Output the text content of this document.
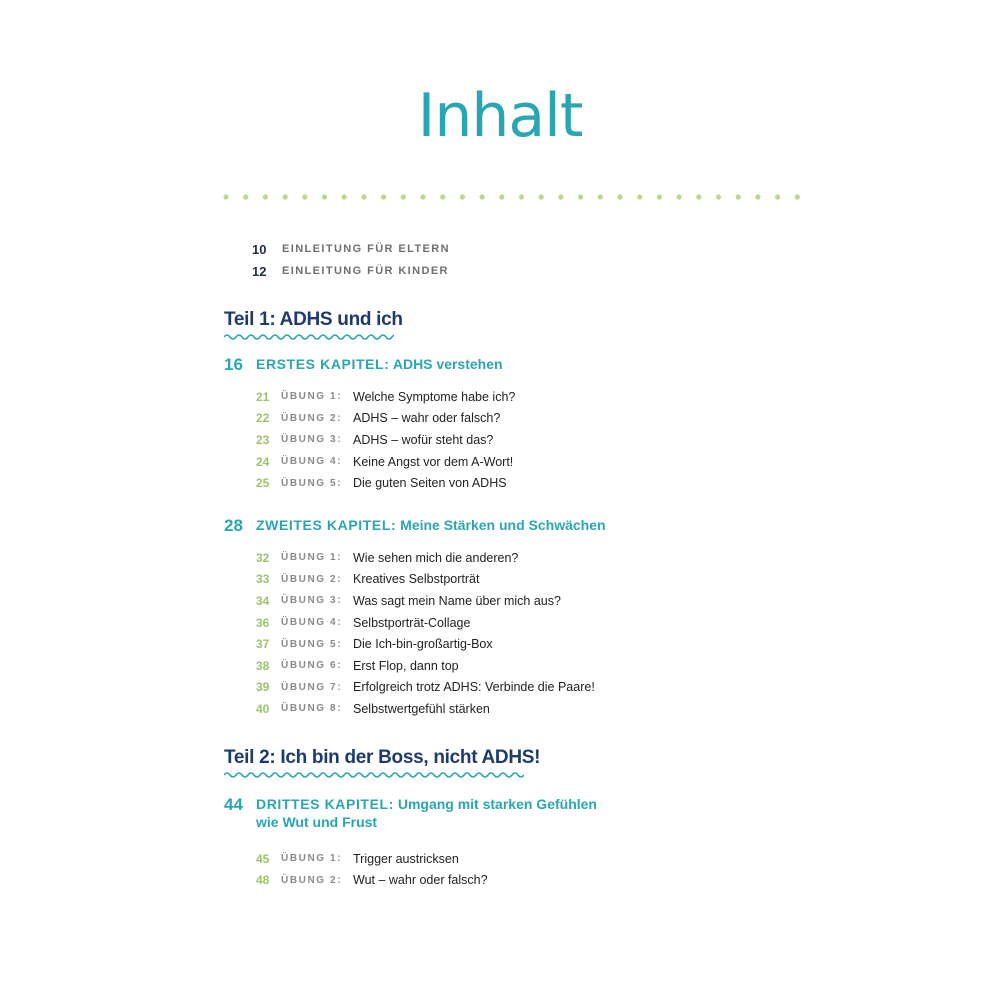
Inhalt
10	EINLEITUNG FÜR ELTERN
12	EINLEITUNG FÜR KINDER
Teil 1: ADHS und ich
16 ERSTES KAPITEL: ADHS verstehen
21	ÜBUNG 1: Welche Symptome habe ich?
22	ÜBUNG 2: ADHS – wahr oder falsch?
23	ÜBUNG 3: ADHS – wofür steht das?
24	ÜBUNG 4: Keine Angst vor dem A-Wort!
25	ÜBUNG 5: Die guten Seiten von ADHS
28 ZWEITES KAPITEL: Meine Stärken und Schwächen
32	ÜBUNG 1: Wie sehen mich die anderen?
33	ÜBUNG 2: Kreatives Selbstporträt
34	ÜBUNG 3: Was sagt mein Name über mich aus?
36	ÜBUNG 4: Selbstporträt-Collage
37	ÜBUNG 5: Die Ich-bin-großartig-Box
38	ÜBUNG 6: Erst Flop, dann top
39	ÜBUNG 7: Erfolgreich trotz ADHS: Verbinde die Paare!
40	ÜBUNG 8: Selbstwertgefühl stärken
Teil 2: Ich bin der Boss, nicht ADHS!
44 DRITTES KAPITEL: Umgang mit starken Gefühlen
wie Wut und Frust
45	ÜBUNG 1: Trigger austricksen
48	ÜBUNG 2: Wut – wahr oder falsch?
